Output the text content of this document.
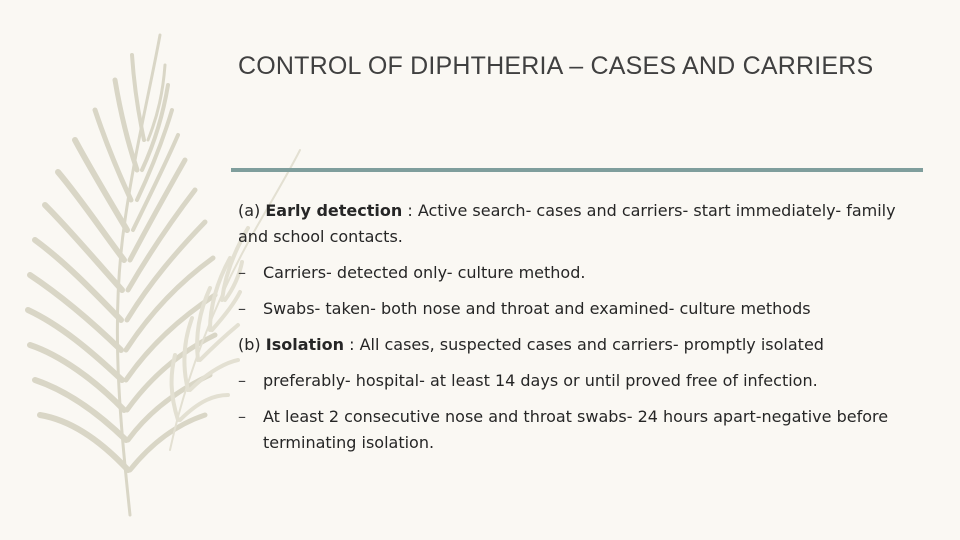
CONTROL OF DIPHTHERIA – CASES AND CARRIERS

(a) Early detection : Active search- cases and carriers- start immediately- family and school contacts.

– Carriers- detected only- culture method.

– Swabs- taken- both nose and throat and examined- culture methods

(b) Isolation : All cases, suspected cases and carriers- promptly isolated

– preferably- hospital- at least 14 days or until proved free of infection.

– At least 2 consecutive nose and throat swabs- 24 hours apart-negative before terminating isolation.
